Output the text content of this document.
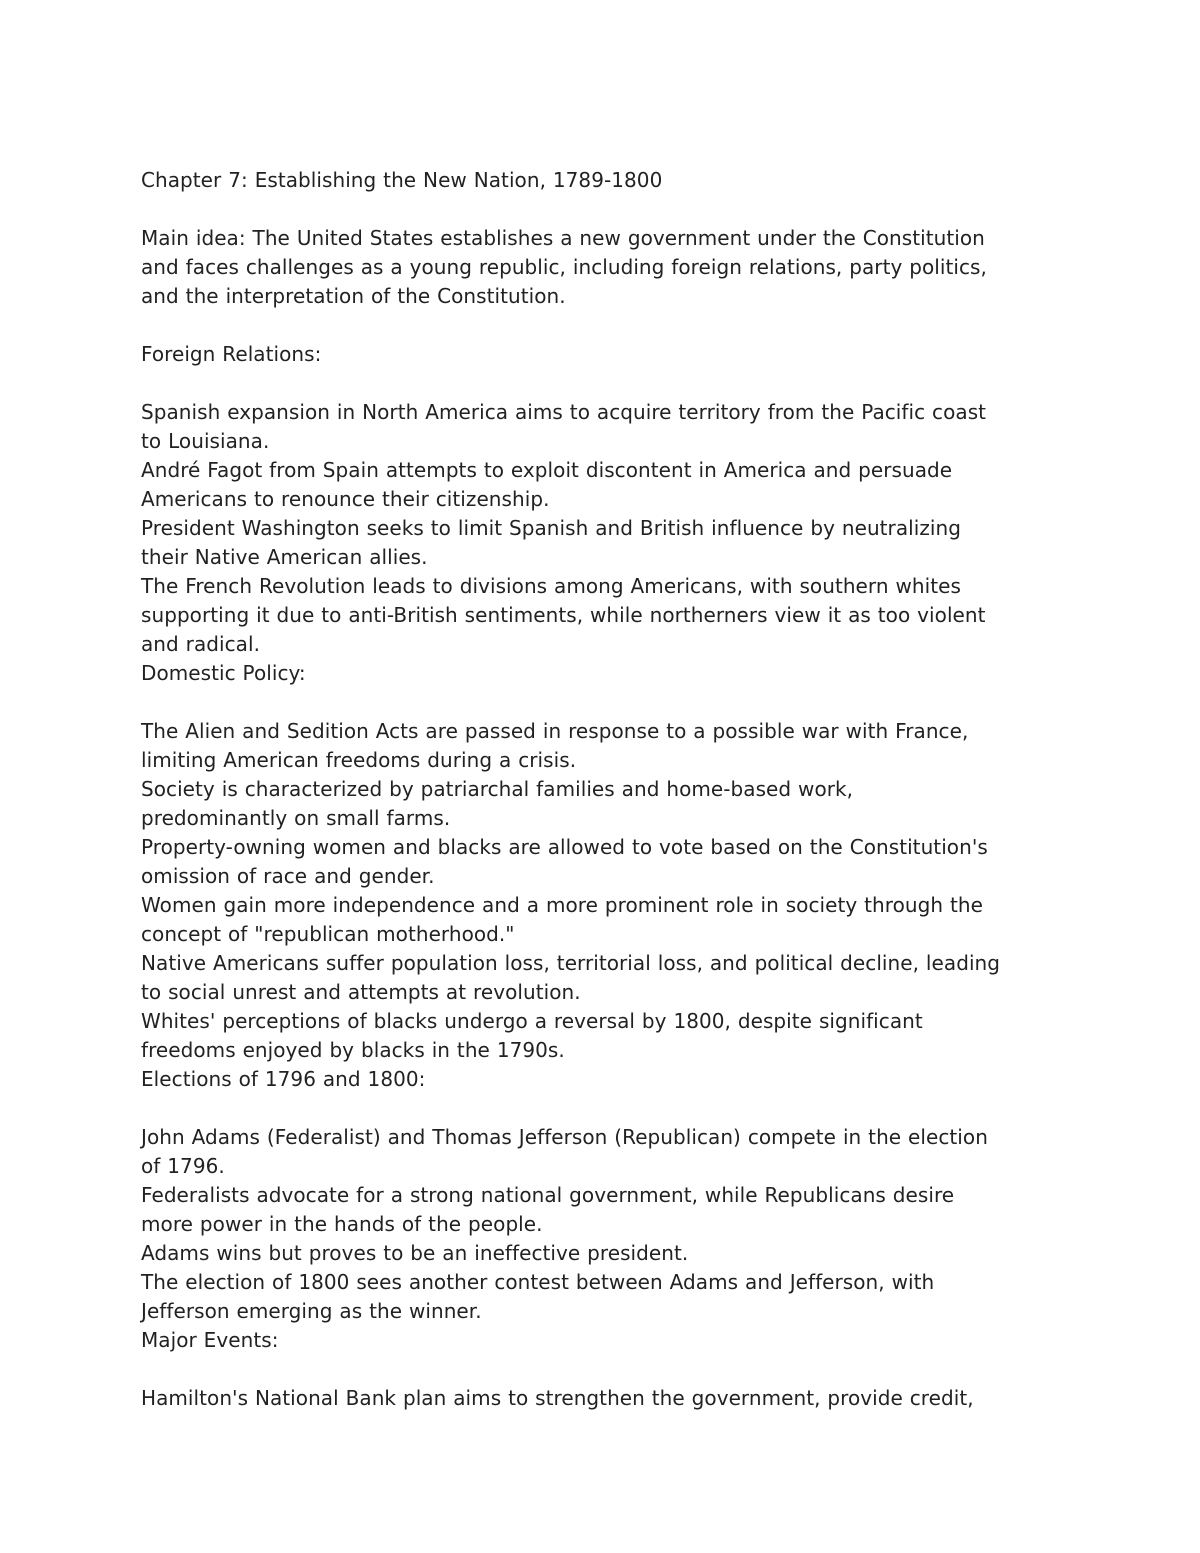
Chapter 7: Establishing the New Nation, 1789-1800
Main idea: The United States establishes a new government under the Constitution
and faces challenges as a young republic, including foreign relations, party politics,
and the interpretation of the Constitution.
Foreign Relations:
Spanish expansion in North America aims to acquire territory from the Pacific coast
to Louisiana.
André Fagot from Spain attempts to exploit discontent in America and persuade
Americans to renounce their citizenship.
President Washington seeks to limit Spanish and British influence by neutralizing
their Native American allies.
The French Revolution leads to divisions among Americans, with southern whites
supporting it due to anti-British sentiments, while northerners view it as too violent
and radical.
Domestic Policy:
The Alien and Sedition Acts are passed in response to a possible war with France,
limiting American freedoms during a crisis.
Society is characterized by patriarchal families and home-based work,
predominantly on small farms.
Property-owning women and blacks are allowed to vote based on the Constitution's
omission of race and gender.
Women gain more independence and a more prominent role in society through the
concept of "republican motherhood."
Native Americans suffer population loss, territorial loss, and political decline, leading
to social unrest and attempts at revolution.
Whites' perceptions of blacks undergo a reversal by 1800, despite significant
freedoms enjoyed by blacks in the 1790s.
Elections of 1796 and 1800:
John Adams (Federalist) and Thomas Jefferson (Republican) compete in the election
of 1796.
Federalists advocate for a strong national government, while Republicans desire
more power in the hands of the people.
Adams wins but proves to be an ineffective president.
The election of 1800 sees another contest between Adams and Jefferson, with
Jefferson emerging as the winner.
Major Events:
Hamilton's National Bank plan aims to strengthen the government, provide credit,
